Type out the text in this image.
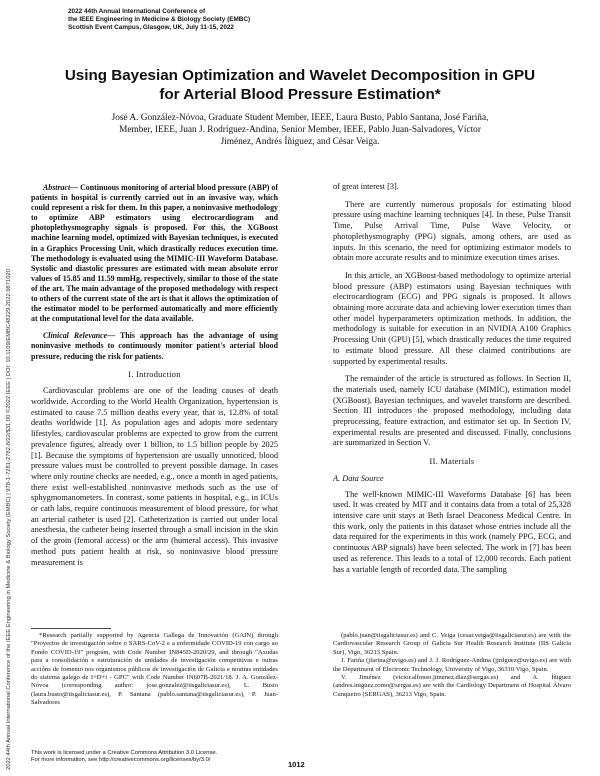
2022 44th Annual International Conference of
the IEEE Engineering in Medicine & Biology Society (EMBC)
Scottish Event Campus, Glasgow, UK, July 11-15, 2022
2022 44th Annual International Conference of the IEEE Engineering in Medicine & Biology Society (EMBC) | 978-1-7281-2782-8/22/$31.00 ©2022 IEEE | DOI: 10.1109/EMBC48229.2022.9871020
Using Bayesian Optimization and Wavelet Decomposition in GPU
for Arterial Blood Pressure Estimation*
José A. González-Nóvoa, Graduate Student Member, IEEE, Laura Busto, Pablo Santana, José Fariña,
Member, IEEE, Juan J. Rodríguez-Andina, Senior Member, IEEE, Pablo Juan-Salvadores, Víctor
Jiménez, Andrés Íñiguez, and César Veiga.

Abstract— Continuous monitoring of arterial blood pressure (ABP) of patients in hospital is currently carried out in an invasive way, which could represent a risk for them. In this paper, a noninvasive methodology to optimize ABP estimators using electrocardiogram and photoplethysmography signals is proposed. For this, the XGBoost machine learning model, optimized with Bayesian techniques, is executed in a Graphics Processing Unit, which drastically reduces execution time. The methodology is evaluated using the MIMIC-III Waveform Database. Systolic and diastolic pressures are estimated with mean absolute error values of 15.85 and 11.59 mmHg, respectively, similar to those of the state of the art. The main advantage of the proposed methodology with respect to others of the current state of the art is that it allows the optimization of the estimator model to be performed automatically and more efficiently at the computational level for the data available.

Clinical Relevance— This approach has the advantage of using noninvasive methods to continuously monitor patient's arterial blood pressure, reducing the risk for patients.

I. Introduction

Cardiovascular problems are one of the leading causes of death worldwide. According to the World Health Organization, hypertension is estimated to cause 7.5 million deaths every year, that is, 12.8% of total deaths worldwide [1]. As population ages and adopts more sedentary lifestyles, cardiovascular problems are expected to grow from the current prevalence figures, already over 1 billion, to 1.5 billion people by 2025 [1]. Because the symptoms of hypertension are usually unnoticed, blood pressure values must be controlled to prevent possible damage. In cases where only routine checks are needed, e.g., once a month in aged patients, there exist well-established noninvasive methods such as the use of sphygmomanometers. In contrast, some patients in hospital, e.g., in ICUs or cath labs, require continuous measurement of blood pressure, for what an arterial catheter is used [2]. Catheterization is carried out under local anesthesia, the catheter being inserted through a small incision in the skin of the groin (femoral access) or the arm (humeral access). This invasive method puts patient health at risk, so noninvasive blood pressure measurement is

of great interest [3].

There are currently numerous proposals for estimating blood pressure using machine learning techniques [4]. In these, Pulse Transit Time, Pulse Arrival Time, Pulse Wave Velocity, or photoplethysmography (PPG) signals, among others, are used as inputs. In this scenario, the need for optimizing estimator models to obtain more accurate results and to minimize execution times arises.

In this article, an XGBoost-based methodology to optimize arterial blood pressure (ABP) estimators using Bayesian techniques with electrocardiogram (ECG) and PPG signals is proposed. It allows obtaining more accurate data and achieving lower execution times than other model hyperparameters optimization methods. In addition, the methodology is suitable for execution in an NVIDIA A100 Graphics Processing Unit (GPU) [5], which drastically reduces the time required to estimate blood pressure. All these claimed contributions are supported by experimental results.

The remainder of the article is structured as follows. In Section II, the materials used, namely ICU database (MIMIC), estimation model (XGBoost), Bayesian techniques, and wavelet transform are described. Section III introduces the proposed methodology, including data preprocessing, feature extraction, and estimator set up. In Section IV, experimental results are presented and discussed. Finally, conclusions are summarized in Section V.

II. Materials
A. Data Source

The well-known MIMIC-III Waveforms Database [6] has been used. It was created by MIT and it contains data from a total of 25,328 intensive care unit stays at Beth Israel Deaconess Medical Centre. In this work, only the patients in this dataset whose entries include all the data required for the experiments in this work (namely PPG, ECG, and continuous ABP signals) have been selected. The work in [7] has been used as reference. This leads to a total of 12,000 records. Each patient has a variable length of recorded data. The sampling

*Research partially supported by Agencia Gallega de Innovación (GAIN) through "Proyectos de investigación sobre o SARS-CoV-2 e a enfermidade COVID-19 con cargo ao Fondo COVID-19" program, with Code Number IN845D-2020/29, and through "Axudas para a consolidación e estruturación de unidades de investigación competitivas e outras accións de fomento nos organismos públicos de investigación de Galicia e noutras entidades do sistema galego de I+D+i - GPC" with Code Number IN607B-2021/18. J. A. González-Nóvoa (corresponding author: jose.gonzalez@iisgaliciasur.es), L. Busto (laura.busto@iisgaliciasur.es), P. Santana (pablo.santana@iisgaliciasur.es), P. Juan-Salvadores

(pablo.juan@iisgaliciasur.es) and C. Veiga (cesar.veiga@iisgaliciasur.es) are with the Cardiovascular Research Group of Galicia Sur Health Research Institute (IIS Galicia Sur), Vigo, 36213 Spain.

J. Fariña (jfarina@uvigo.es) and J. J. Rodríguez-Andina (jjrdguez@uvigo.es) are with the Department of Electronic Technology, University of Vigo, 36310 Vigo, Spain.

V. Jiménez (victor.alfonso.jimenez.diaz@sergas.es) and A. Íñiguez (andres.iniguez.romo@sergas.es) are with the Cardiology Department of Hospital Álvaro Cunqueiro (SERGAS), 36213 Vigo, Spain.

This work is licensed under a Creative Commons Attribution 3.0 License.
For more information, see http://creativecommons.org/licenses/by/3.0/	1012
